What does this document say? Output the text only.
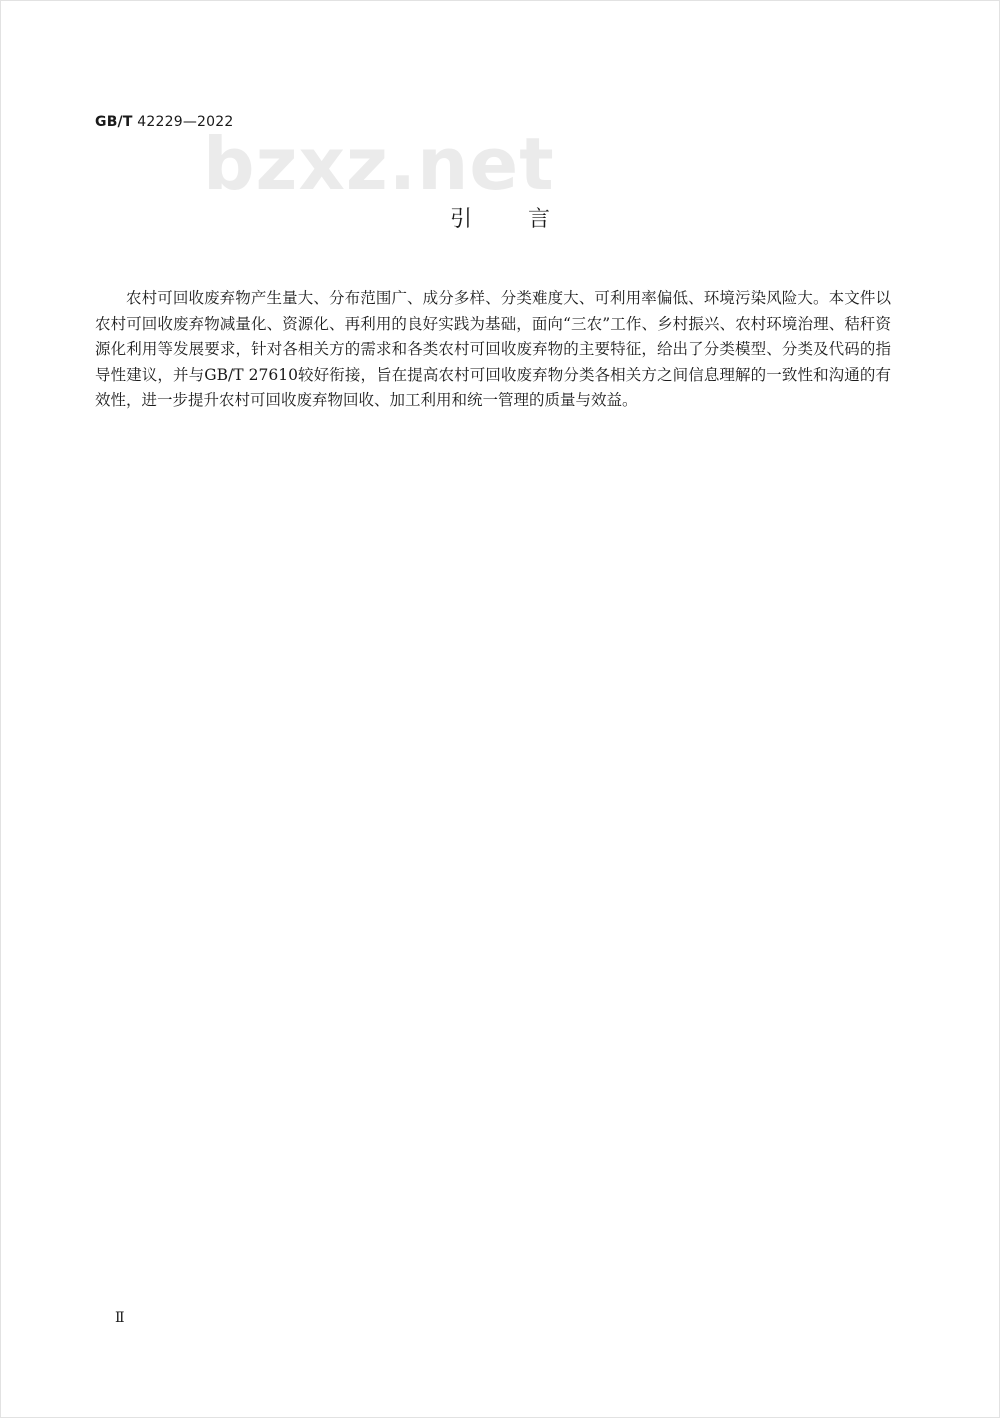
GB/T 42229—2022
bzxz.net
引言

农村可回收废弃物产生量大、分布范围广、成分多样、分类难度大、可利用率偏低、环境污染风险大。本文件以农村可回收废弃物减量化、资源化、再利用的良好实践为基础，面向“三农”工作、乡村振兴、农村环境治理、秸秆资源化利用等发展要求，针对各相关方的需求和各类农村可回收废弃物的主要特征，给出了分类模型、分类及代码的指导性建议，并与GB/T 27610较好衔接，旨在提高农村可回收废弃物分类各相关方之间信息理解的一致性和沟通的有效性，进一步提升农村可回收废弃物回收、加工利用和统一管理的质量与效益。

Ⅱ
